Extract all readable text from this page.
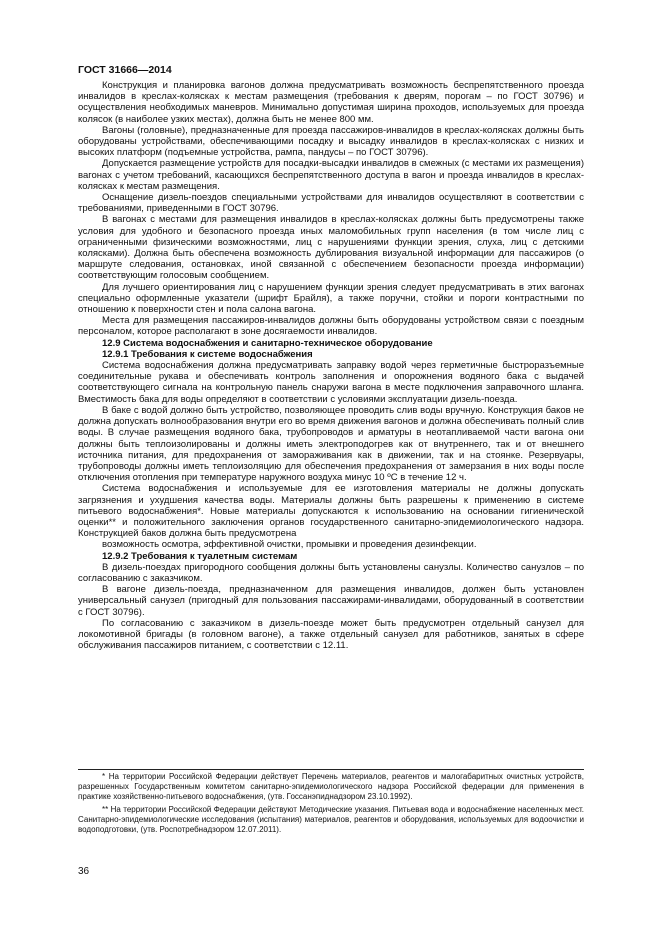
ГОСТ 31666—2014

Конструкция и планировка вагонов должна предусматривать возможность беспрепятственного проезда инвалидов в креслах-колясках к местам размещения (требования к дверям, порогам – по ГОСТ 30796) и осуществления необходимых маневров. Минимально допустимая ширина проходов, используемых для проезда колясок (в наиболее узких местах), должна быть не менее 800 мм.

Вагоны (головные), предназначенные для проезда пассажиров-инвалидов в креслах-колясках должны быть оборудованы устройствами, обеспечивающими посадку и высадку инвалидов в креслах-колясках с низких и высоких платформ (подъемные устройства, рампа, пандусы – по ГОСТ 30796).

Допускается размещение устройств для посадки-высадки инвалидов в смежных (с местами их размещения) вагонах с учетом требований, касающихся беспрепятственного доступа в вагон и проезда инвалидов в креслах-колясках к местам размещения.

Оснащение дизель-поездов специальными устройствами для инвалидов осуществляют в соответствии с требованиями, приведенными в ГОСТ 30796.

В вагонах с местами для размещения инвалидов в креслах-колясках должны быть предусмотрены также условия для удобного и безопасного проезда иных маломобильных групп населения (в том числе лиц с ограниченными физическими возможностями, лиц с нарушениями функции зрения, слуха, лиц с детскими колясками). Должна быть обеспечена возможность дублирования визуальной информации для пассажиров (о маршруте следования, остановках, иной связанной с обеспечением безопасности проезда информации) соответствующим голосовым сообщением.

Для лучшего ориентирования лиц с нарушением функции зрения следует предусматривать в этих вагонах специально оформленные указатели (шрифт Брайля), а также поручни, стойки и пороги контрастными по отношению к поверхности стен и пола салона вагона.

Места для размещения пассажиров-инвалидов должны быть оборудованы устройством связи с поездным персоналом, которое располагают в зоне досягаемости инвалидов.

12.9 Система водоснабжения и санитарно-техническое оборудование

12.9.1 Требования к системе водоснабжения

Система водоснабжения должна предусматривать заправку водой через герметичные быстроразъемные соединительные рукава и обеспечивать контроль заполнения и опорожнения водяного бака с выдачей соответствующего сигнала на контрольную панель снаружи вагона в месте подключения заправочного шланга. Вместимость бака для воды определяют в соответствии с условиями эксплуатации дизель-поезда.

В баке с водой должно быть устройство, позволяющее проводить слив воды вручную. Конструкция баков не должна допускать волнообразования внутри его во время движения вагонов и должна обеспечивать полный слив воды. В случае размещения водяного бака, трубопроводов и арматуры в неотапливаемой части вагона они должны быть теплоизолированы и должны иметь электроподогрев как от внутреннего, так и от внешнего источника питания, для предохранения от замораживания как в движении, так и на стоянке. Резервуары, трубопроводы должны иметь теплоизоляцию для обеспечения предохранения от замерзания в них воды после отключения отопления при температуре наружного воздуха минус 10 ºС в течение 12 ч.

Система водоснабжения и используемые для ее изготовления материалы не должны допускать загрязнения и ухудшения качества воды. Материалы должны быть разрешены к применению в системе питьевого водоснабжения*. Новые материалы допускаются к использованию на основании гигиенической оценки** и положительного заключения органов государственного санитарно-эпидемиологического надзора. Конструкцией баков должна быть предусмотрена

возможность осмотра, эффективной очистки, промывки и проведения дезинфекции.

12.9.2 Требования к туалетным системам

В дизель-поездах пригородного сообщения должны быть установлены санузлы. Количество санузлов – по согласованию с заказчиком.

В вагоне дизель-поезда, предназначенном для размещения инвалидов, должен быть установлен универсальный санузел (пригодный для пользования пассажирами-инвалидами, оборудованный в соответствии с ГОСТ 30796).

По согласованию с заказчиком в дизель-поезде может быть предусмотрен отдельный санузел для локомотивной бригады (в головном вагоне), а также отдельный санузел для работников, занятых в сфере обслуживания пассажиров питанием, с соответствии с 12.11.

* На территории Российской Федерации действует Перечень материалов, реагентов и малогабаритных очистных устройств, разрешенных Государственным комитетом санитарно-эпидемиологического надзора Российской федерации для применения в практике хозяйственно-питьевого водоснабжения, (утв. Госсанэпиднадзором 23.10.1992).

** На территории Российской Федерации действуют Методические указания. Питьевая вода и водоснабжение населенных мест. Санитарно-эпидемиологические исследования (испытания) материалов, реагентов и оборудования, используемых для водоочистки и водоподготовки, (утв. Роспотребнадзором 12.07.2011).

36
